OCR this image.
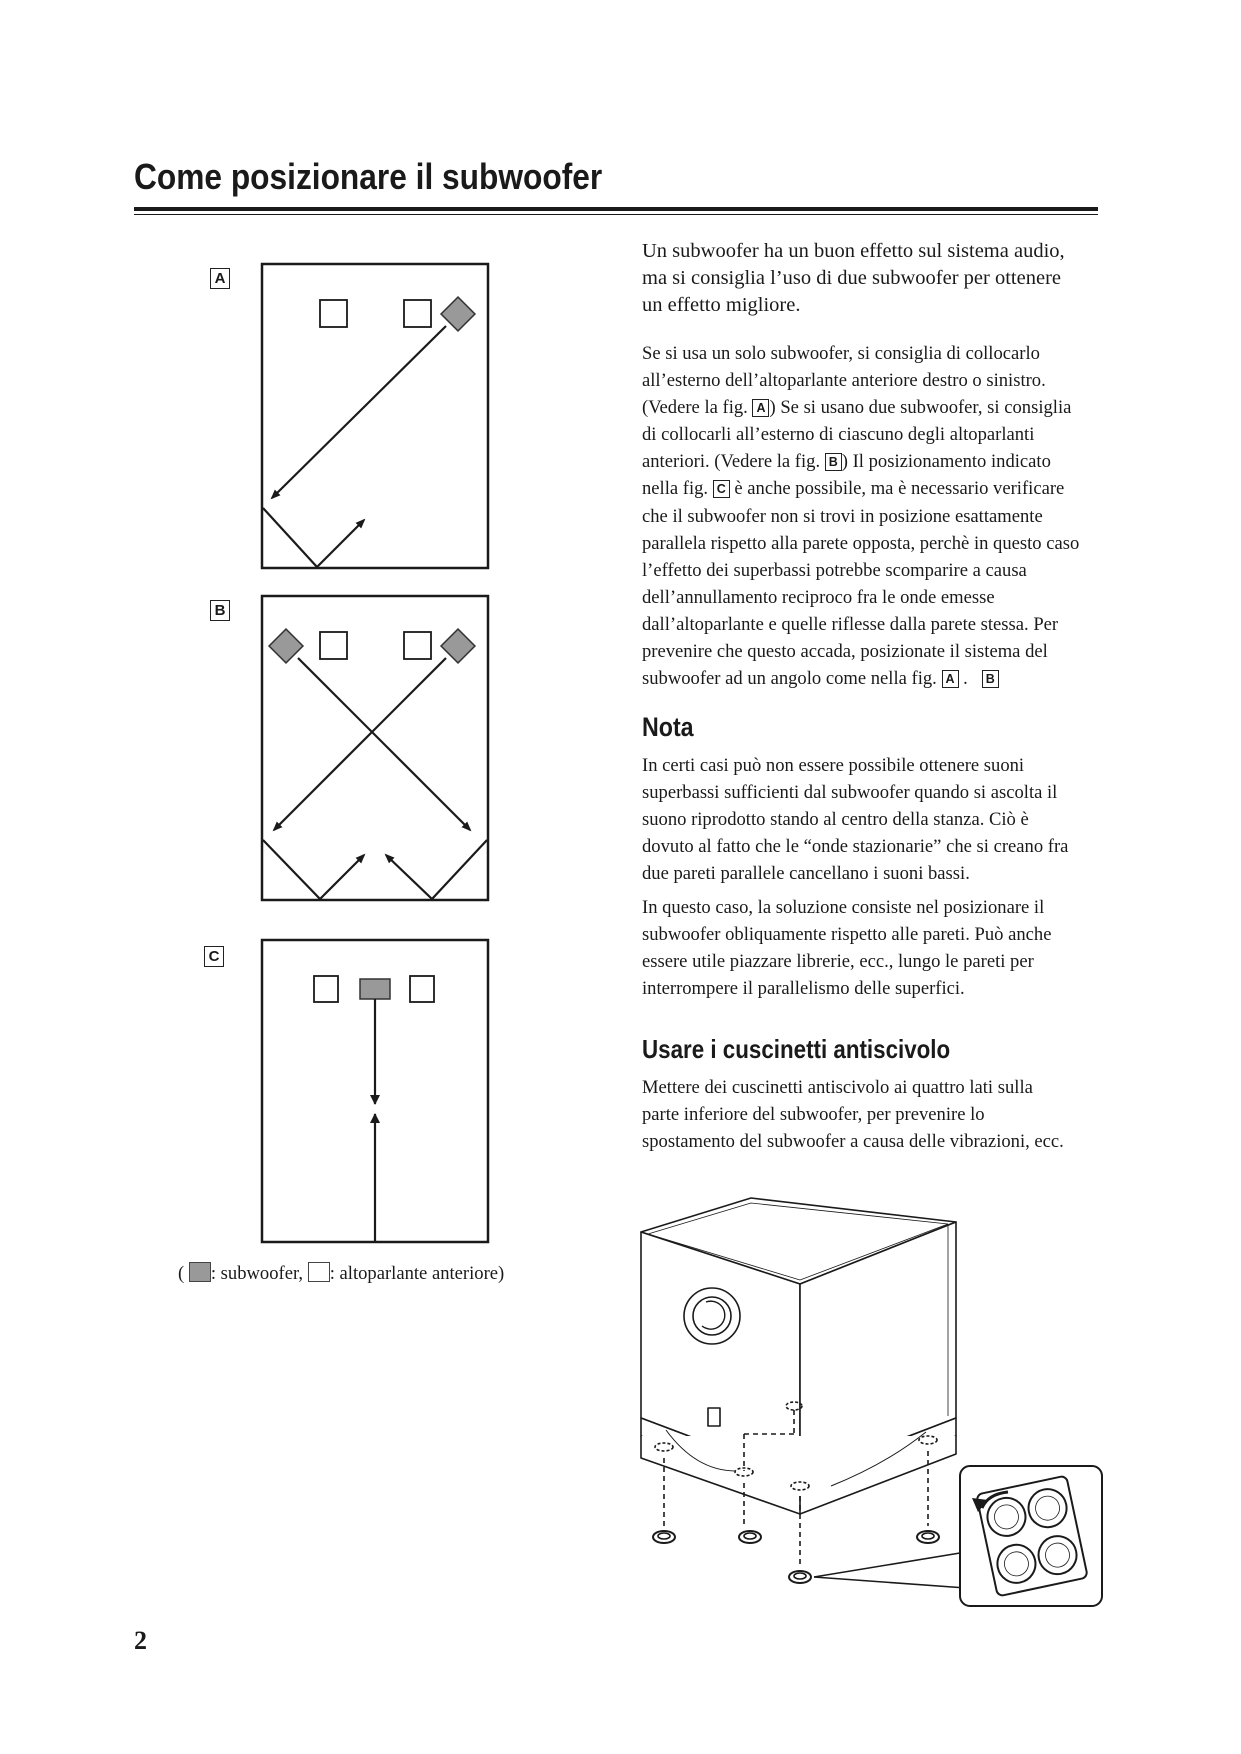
Come posizionare il subwoofer
A
B
C
( : subwoofer, : altoparlante anteriore)
Un subwoofer ha un buon effetto sul sistema audio,
ma si consiglia l’uso di due subwoofer per ottenere
un effetto migliore.
Se si usa un solo subwoofer, si consiglia di collocarlo
all’esterno dell’altoparlante anteriore destro o sinistro.
(Vedere la fig. A ) Se si usano due subwoofer, si consiglia
di collocarli all’esterno di ciascuno degli altoparlanti
anteriori. (Vedere la fig. B ) Il posizionamento indicato
nella fig. C è anche possibile, ma è necessario verificare
che il subwoofer non si trovi in posizione esattamente
parallela rispetto alla parete opposta, perchè in questo caso
l’effetto dei superbassi potrebbe scomparire a causa
dell’annullamento reciproco fra le onde emesse
dall’altoparlante e quelle riflesse dalla parete stessa. Per
prevenire che questo accada, posizionate il sistema del
subwoofer ad un angolo come nella fig. A . B
Nota
In certi casi può non essere possibile ottenere suoni
superbassi sufficienti dal subwoofer quando si ascolta il
suono riprodotto stando al centro della stanza. Ciò è
dovuto al fatto che le “onde stazionarie” che si creano fra
due pareti parallele cancellano i suoni bassi.
In questo caso, la soluzione consiste nel posizionare il
subwoofer obliquamente rispetto alle pareti. Può anche
essere utile piazzare librerie, ecc., lungo le pareti per
interrompere il parallelismo delle superfici.
Usare i cuscinetti antiscivolo
Mettere dei cuscinetti antiscivolo ai quattro lati sulla
parte inferiore del subwoofer, per prevenire lo
spostamento del subwoofer a causa delle vibrazioni, ecc.
2
